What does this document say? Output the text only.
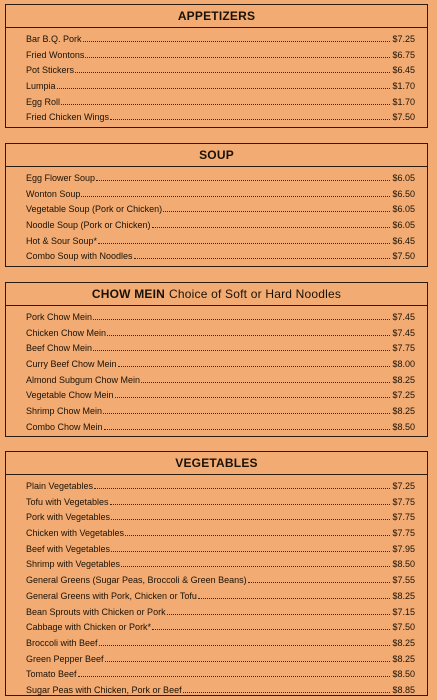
APPETIZERS
Bar B.Q. Pork	$7.25
Fried Wontons	$6.75
Pot Stickers	$6.45
Lumpia	$1.70
Egg Roll	$1.70
Fried Chicken Wings	$7.50
SOUP
Egg Flower Soup	$6.05
Wonton Soup	$6.50
Vegetable Soup (Pork or Chicken)	$6.05
Noodle Soup (Pork or Chicken)	$6.05
Hot & Sour Soup*	$6.45
Combo Soup with Noodles	$7.50
CHOW MEIN Choice of Soft or Hard Noodles
Pork Chow Mein	$7.45
Chicken Chow Mein	$7.45
Beef Chow Mein	$7.75
Curry Beef Chow Mein	$8.00
Almond Subgum Chow Mein	$8.25
Vegetable Chow Mein	$7.25
Shrimp Chow Mein	$8.25
Combo Chow Mein	$8.50
VEGETABLES
Plain Vegetables	$7.25
Tofu with Vegetables	$7.75
Pork with Vegetables	$7.75
Chicken with Vegetables	$7.75
Beef with Vegetables	$7.95
Shrimp with Vegetables	$8.50
General Greens (Sugar Peas, Broccoli & Green Beans)	$7.55
General Greens with Pork, Chicken or Tofu	$8.25
Bean Sprouts with Chicken or Pork	$7.15
Cabbage with Chicken or Pork*	$7.50
Broccoli with Beef	$8.25
Green Pepper Beef	$8.25
Tomato Beef	$8.50
Sugar Peas with Chicken, Pork or Beef	$8.85
